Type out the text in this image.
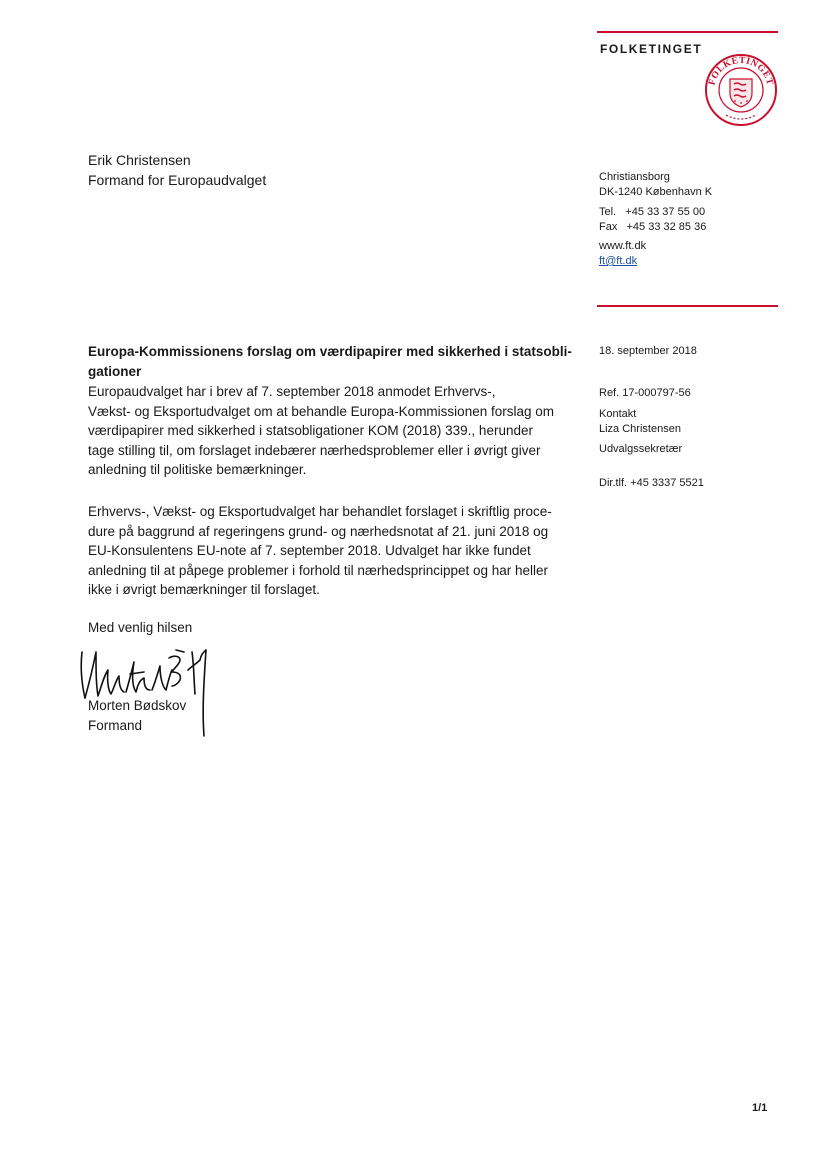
FOLKETINGET
FOLKETINGET
Erik Christensen
Formand for Europaudvalget	Christiansborg
DK-1240 København K
Tel.   +45 33 37 55 00
Fax   +45 33 32 85 36
www.ft.dk
ft@ft.dk
18. september 2018
Ref. 17-000797-56
Kontakt
Liza Christensen
Udvalgssekretær
Dir.tlf. +45 3337 5521
Europa-Kommissionens forslag om værdipapirer med sikkerhed i statsobli-
gationer
Europaudvalget har i brev af 7. september 2018 anmodet Erhvervs-,
Vækst- og Eksportudvalget om at behandle Europa-Kommissionen forslag om
værdipapirer med sikkerhed i statsobligationer KOM (2018) 339., herunder
tage stilling til, om forslaget indebærer nærhedsproblemer eller i øvrigt giver
anledning til politiske bemærkninger.
Erhvervs-, Vækst- og Eksportudvalget har behandlet forslaget i skriftlig proce-
dure på baggrund af regeringens grund- og nærhedsnotat af 21. juni 2018 og
EU-Konsulentens EU-note af 7. september 2018. Udvalget har ikke fundet
anledning til at påpege problemer i forhold til nærhedsprincippet og har heller
ikke i øvrigt bemærkninger til forslaget.
Med venlig hilsen
Morten Bødskov
Formand
1/1
